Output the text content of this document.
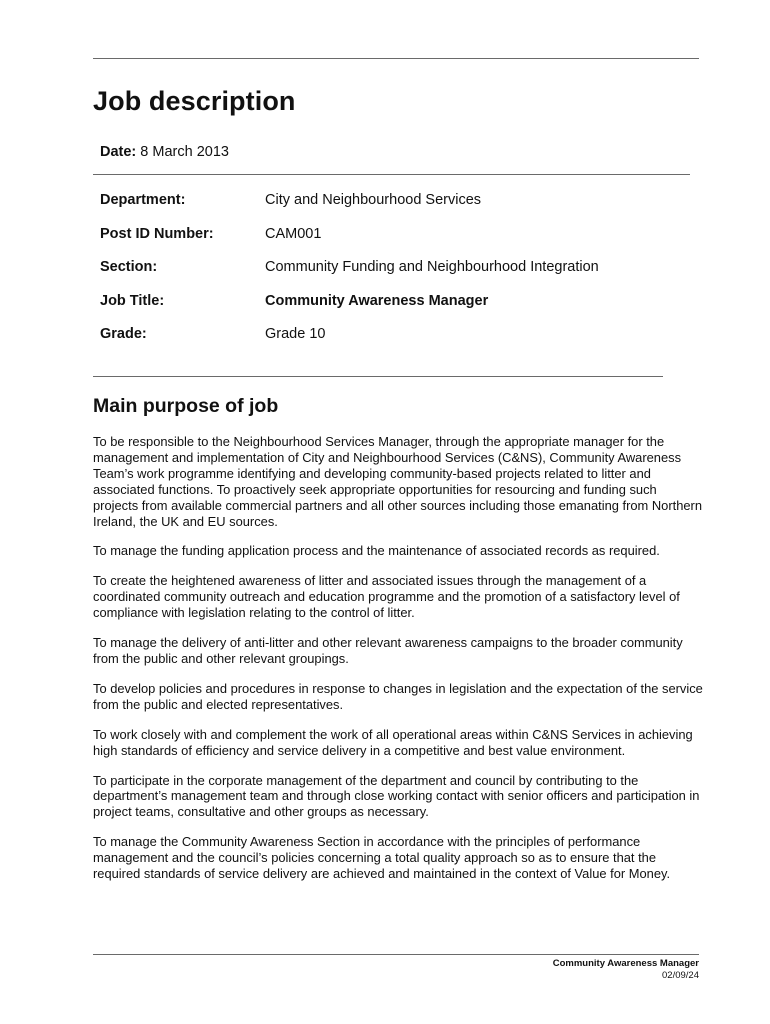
Job description
Date: 8 March 2013
Department:	City and Neighbourhood Services
Post ID Number:	CAM001
Section:	Community Funding and Neighbourhood Integration
Job Title:	Community Awareness Manager
Grade:	Grade 10
Main purpose of job

To be responsible to the Neighbourhood Services Manager, through the appropriate manager for the management and implementation of City and Neighbourhood Services (C&NS), Community Awareness Team’s work programme identifying and developing community-based projects related to litter and associated functions. To proactively seek appropriate opportunities for resourcing and funding such projects from available commercial partners and all other sources including those emanating from Northern Ireland, the UK and EU sources.

To manage the funding application process and the maintenance of associated records as required.

To create the heightened awareness of litter and associated issues through the management of a coordinated community outreach and education programme and the promotion of a satisfactory level of compliance with legislation relating to the control of litter.

To manage the delivery of anti-litter and other relevant awareness campaigns to the broader community from the public and other relevant groupings.

To develop policies and procedures in response to changes in legislation and the expectation of the service from the public and elected representatives.

To work closely with and complement the work of all operational areas within C&NS Services in achieving high standards of efficiency and service delivery in a competitive and best value environment.

To participate in the corporate management of the department and council by contributing to the department’s management team and through close working contact with senior officers and participation in project teams, consultative and other groups as necessary.

To manage the Community Awareness Section in accordance with the principles of performance management and the council’s policies concerning a total quality approach so as to ensure that the required standards of service delivery are achieved and maintained in the context of Value for Money.

Community Awareness Manager
02/09/24
